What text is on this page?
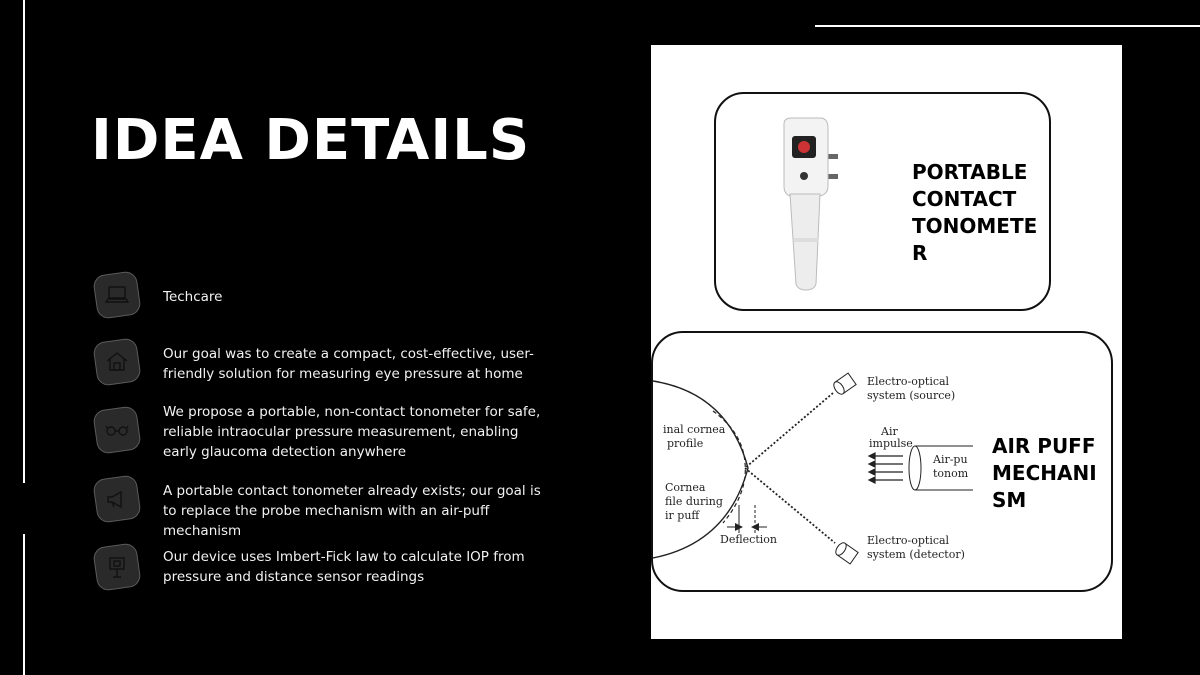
IDEA DETAILS
Techcare
Our goal was to create a compact, cost-effective, user-friendly solution for measuring eye pressure at home
We propose a portable, non-contact tonometer for safe, reliable intraocular pressure measurement, enabling early glaucoma detection anywhere
A portable contact tonometer already exists; our goal is to replace the probe mechanism with an air-puff mechanism
Our device uses Imbert-Fick law to calculate IOP from pressure and distance sensor readings
PORTABLE CONTACT TONOMETE R
Electro-optical
system (source)
Electro-optical
system (detector)
inal cornea
profile
Cornea
file during
ir puff
Air
impulse
Air-pu
tonom
Deflection
AIR PUFF MECHANI SM
